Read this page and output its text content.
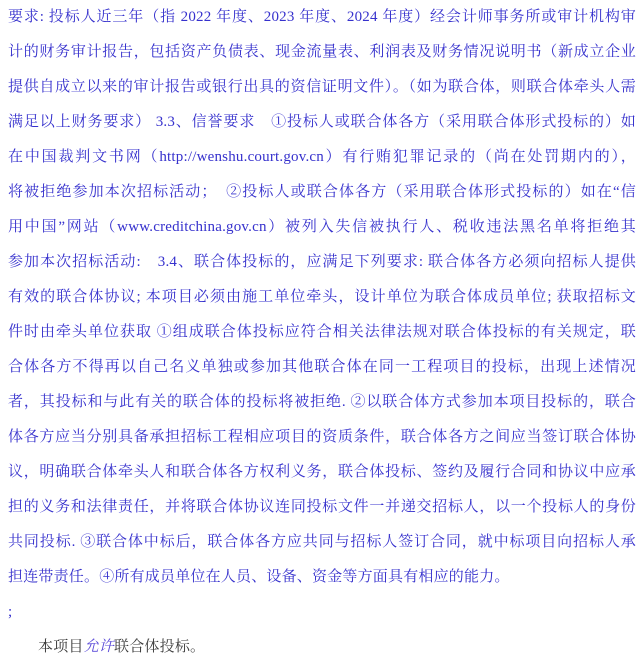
要求: 投标人近三年（指 2022 年度、2023 年度、2024 年度）经会计师事务所或审计机构审
计的财务审计报告，包括资产负债表、现金流量表、利润表及财务情况说明书（新成立企业
提供自成立以来的审计报告或银行出具的资信证明文件）。（如为联合体，则联合体牵头人需
满足以上财务要求） 3.3、信誉要求　①投标人或联合体各方（采用联合体形式投标的）如
在中国裁判文书网（http://wenshu.court.gov.cn）有行贿犯罪记录的（尚在处罚期内的），
将被拒绝参加本次招标活动；　②投标人或联合体各方（采用联合体形式投标的）如在“信
用中国”网站（www.creditchina.gov.cn）被列入失信被执行人、税收违法黑名单将拒绝其
参加本次招标活动:　3.4、联合体投标的，应满足下列要求: 联合体各方必须向招标人提供
有效的联合体协议; 本项目必须由施工单位牵头，设计单位为联合体成员单位; 获取招标文
件时由牵头单位获取 ①组成联合体投标应符合相关法律法规对联合体投标的有关规定，联
合体各方不得再以自己名义单独或参加其他联合体在同一工程项目的投标，出现上述情况
者，其投标和与此有关的联合体的投标将被拒绝. ②以联合体方式参加本项目投标的，联合
体各方应当分别具备承担招标工程相应项目的资质条件，联合体各方之间应当签订联合体协
议，明确联合体牵头人和联合体各方权利义务，联合体投标、签约及履行合同和协议中应承
担的义务和法律责任，并将联合体协议连同投标文件一并递交招标人，以一个投标人的身份
共同投标. ③联合体中标后，联合体各方应共同与招标人签订合同，就中标项目向招标人承
担连带责任。④所有成员单位在人员、设备、资金等方面具有相应的能力。
;
本项目允许联合体投标。
